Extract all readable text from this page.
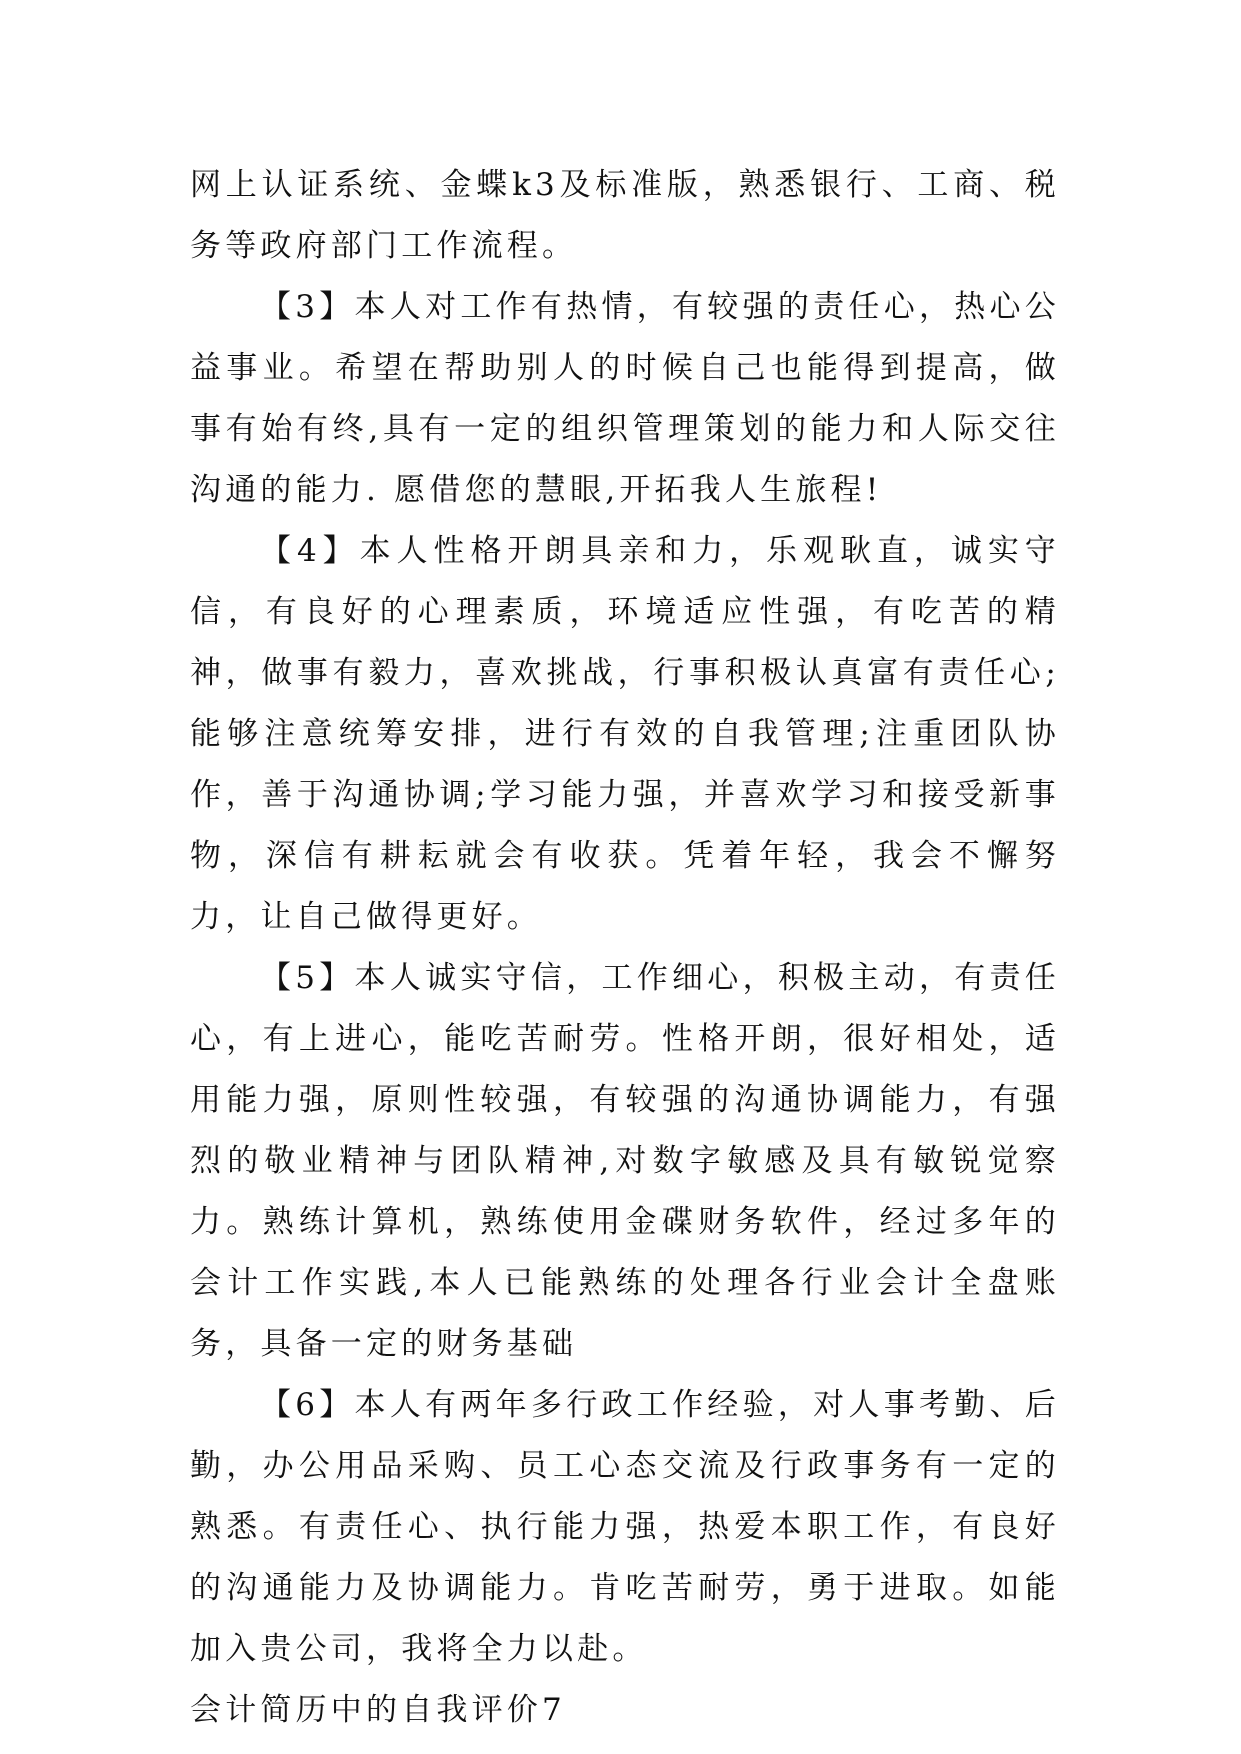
网上认证系统、金蝶k3及标准版，熟悉银行、工商、税务等政府部门工作流程。

【3】本人对工作有热情，有较强的责任心，热心公益事业。希望在帮助别人的时候自己也能得到提高，做事有始有终,具有一定的组织管理策划的能力和人际交往沟通的能力. 愿借您的慧眼,开拓我人生旅程!

【4】本人性格开朗具亲和力，乐观耿直，诚实守信，有良好的心理素质，环境适应性强，有吃苦的精神，做事有毅力，喜欢挑战，行事积极认真富有责任心;能够注意统筹安排，进行有效的自我管理;注重团队协作，善于沟通协调;学习能力强，并喜欢学习和接受新事物，深信有耕耘就会有收获。凭着年轻，我会不懈努力，让自己做得更好。

【5】本人诚实守信，工作细心，积极主动，有责任心，有上进心，能吃苦耐劳。性格开朗，很好相处，适用能力强，原则性较强，有较强的沟通协调能力，有强烈的敬业精神与团队精神,对数字敏感及具有敏锐觉察力。熟练计算机，熟练使用金碟财务软件，经过多年的会计工作实践,本人已能熟练的处理各行业会计全盘账务，具备一定的财务基础

【6】本人有两年多行政工作经验，对人事考勤、后勤，办公用品采购、员工心态交流及行政事务有一定的熟悉。有责任心、执行能力强，热爱本职工作，有良好的沟通能力及协调能力。肯吃苦耐劳，勇于进取。如能加入贵公司，我将全力以赴。

会计简历中的自我评价7
